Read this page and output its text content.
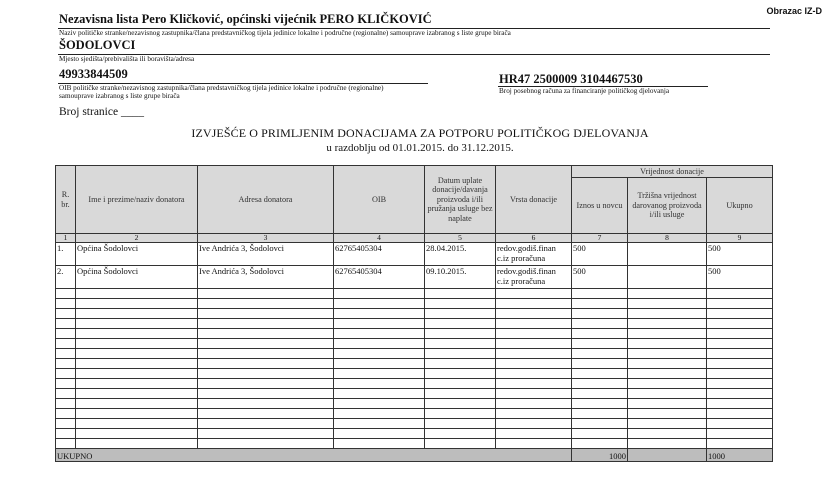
Obrazac IZ-D
Nezavisna lista Pero Kličković, općinski vijećnik PERO KLIČKOVIĆ
Naziv političke stranke/nezavisnog zastupnika/člana predstavničkog tijela jedinice lokalne i područne (regionalne) samouprave izabranog s liste grupe birača
ŠODOLOVCI
Mjesto sjedišta/prebivališta ili boravišta/adresa
49933844509
OIB političke stranke/nezavisnog zastupnika/člana predstavničkog tijela jedinice lokalne i područne (regionalne) samouprave izabranog s liste grupe birača
HR47 2500009 3104467530
Broj posebnog računa za financiranje političkog djelovanja
Broj stranice ____
IZVJEŠĆE O PRIMLJENIM DONACIJAMA ZA POTPORU POLITIČKOG DJELOVANJA
u razdoblju od 01.01.2015. do 31.12.2015.
R. br.	Ime i prezime/naziv donatora	Adresa donatora	OIB	Datum uplate donacije/davanja proizvoda i/ili pružanja usluge bez naplate	Vrsta donacije	Vrijednost donacije		
						Iznos u novcu	Tržišna vrijednost darovanog proizvoda i/ili usluge	Ukupno
1	2	3	4	5	6	7	8	9
1.	Općina Šodolovci	Ive Andrića 3, Šodolovci	62765405304	28.04.2015.	redov.godiš.finan c.iz proračuna	500		500
2.	Općina Šodolovci	Ive Andrića 3, Šodolovci	62765405304	09.10.2015.	redov.godiš.finan c.iz proračuna	500		500

UKUPNO						1000		1000
